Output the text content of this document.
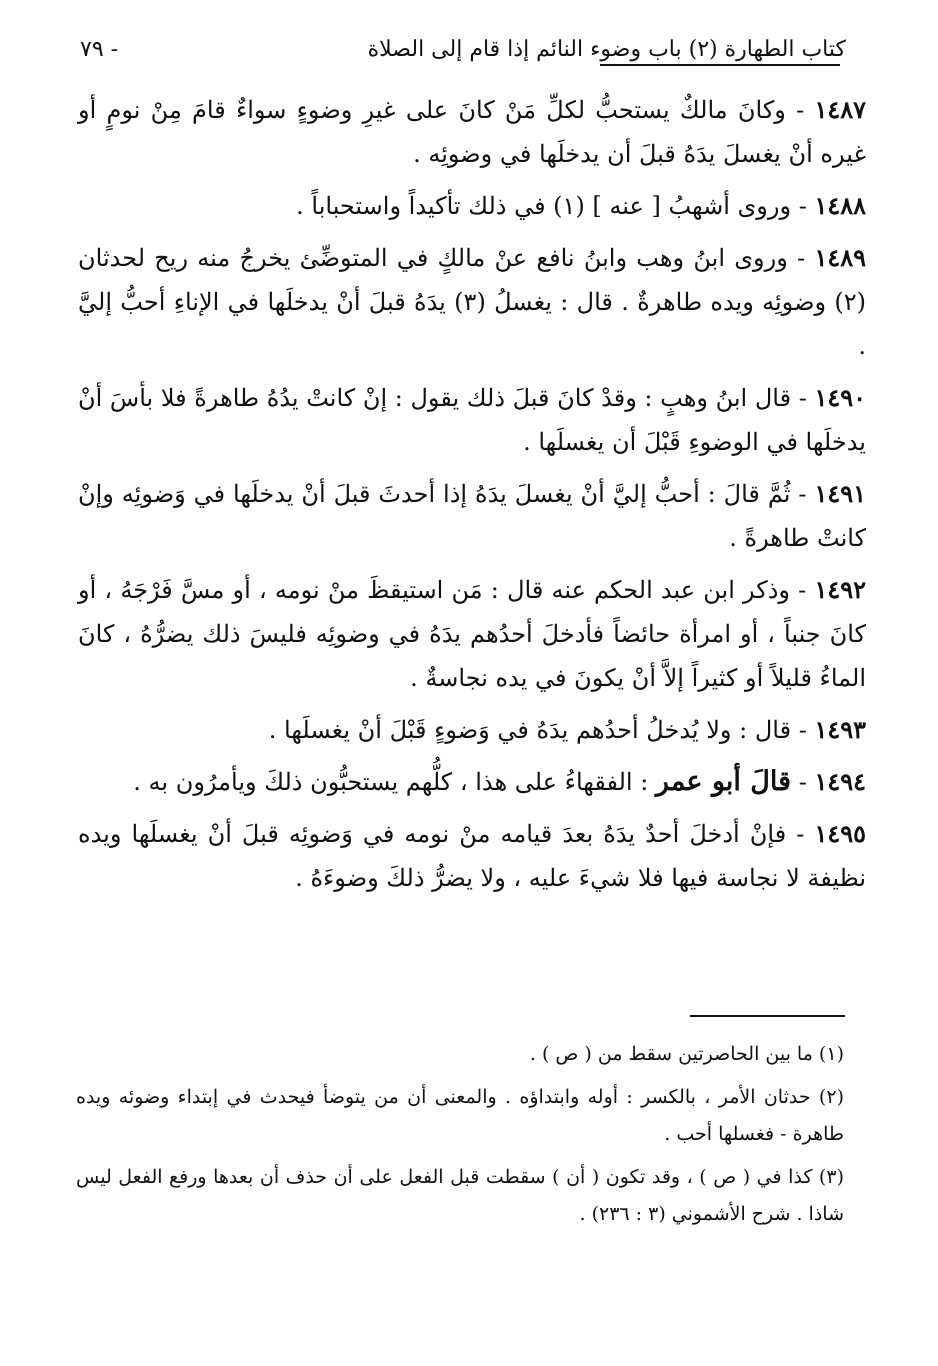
كتاب الطهارة (٢) باب وضوء النائم إذا قام إلى الصلاة
- ٧٩

١٤٨٧ - وكانَ مالكٌ يستحبُّ لكلِّ مَنْ كانَ على غيرِ وضوءٍ سواءٌ قامَ مِنْ نومٍ أو غيره أنْ يغسلَ يدَهُ قبلَ أن يدخلَها في وضوئِه .

١٤٨٨ - وروى أشهبُ [ عنه ] (١) في ذلك تأكيداً واستحباباً .

١٤٨٩ - وروى ابنُ وهب وابنُ نافع عنْ مالكٍ في المتوضِّئ يخرجُ منه ريح لحدثان (٢) وضوئِه ويده طاهرةٌ . قال : يغسلُ (٣) يدَهُ قبلَ أنْ يدخلَها في الإناءِ أحبُّ إليَّ .

١٤٩٠ - قال ابنُ وهبٍ : وقدْ كانَ قبلَ ذلك يقول : إنْ كانتْ يدُهُ طاهرةً فلا بأسَ أنْ يدخلَها في الوضوءِ قَبْلَ أن يغسلَها .

١٤٩١ - ثُمَّ قالَ : أحبُّ إليَّ أنْ يغسلَ يدَهُ إذا أحدثَ قبلَ أنْ يدخلَها في وَضوئِه وإنْ كانتْ طاهرةً .

١٤٩٢ - وذكر ابن عبد الحكم عنه قال : مَن استيقظَ منْ نومه ، أو مسَّ فَرْجَهُ ، أو كانَ جنباً ، أو امرأة حائضاً فأدخلَ أحدُهم يدَهُ في وضوئِه فليسَ ذلك يضرُّهُ ، كانَ الماءُ قليلاً أو كثيراً إلاَّ أنْ يكونَ في يده نجاسةٌ .

١٤٩٣ - قال : ولا يُدخلُ أحدُهم يدَهُ في وَضوءٍ قَبْلَ أنْ يغسلَها .

١٤٩٤ - قالَ أبو عمر : الفقهاءُ على هذا ، كلُّهم يستحبُّون ذلكَ ويأمرُون به .

١٤٩٥ - فإنْ أدخلَ أحدٌ يدَهُ بعدَ قيامه منْ نومه في وَضوئِه قبلَ أنْ يغسلَها ويده نظيفة لا نجاسة فيها فلا شيءَ عليه ، ولا يضرُّ ذلكَ وضوءَهُ .

(١) ما بين الحاصرتين سقط من ( ص ) .

(٢) حدثان الأمر ، بالكسر : أوله وابتداؤه . والمعنى أن من يتوضأ فيحدث في إبتداء وضوئه ويده طاهرة - فغسلها أحب .

(٣) كذا في ( ص ) ، وقد تكون ( أن ) سقطت قبل الفعل على أن حذف أن بعدها ورفع الفعل ليس شاذا . شرح الأشموني (٣ : ٢٣٦) .
